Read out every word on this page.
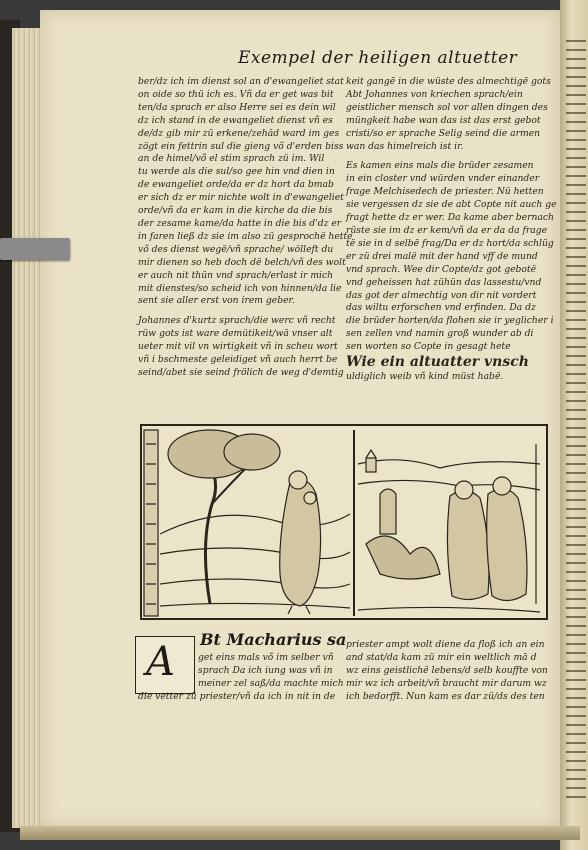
Exempel der heiligen altuetter

ber/dz ich im dienst sol an d'ewangeliet stat

on oide so thü ich es. Vñ da er get was bit

ten/da sprach er also Herre sei es dein wil

dz ich stand in de ewangeliet dienst vñ es

de/dz gib mir zü erkene/zehād ward im ges

zögt ein fettrin sul die gieng võ d'erden biss

an de himel/võ el stim sprach zü im. Wil

tu werde als die sul/so gee hin vnd dien in

de ewangeliet orde/da er dz hort da bmab

er sich dz er mir nichte wolt in d'ewangeliet

orde/vñ da er kam in die kirche da die bis

der zesame kame/da hatte in die bis d'dz er

in faren ließ dz sie im also zü gesprochë hette

võ des dienst wegë/vñ sprache/ wölleft du

mir dienen so heb doch dë belch/vñ des wolt

er auch nit thün vnd sprach/erlast ir mich

mit dienstes/so scheid ich von hinnen/da lie

sent sie aller erst von irem geber.

Johannes d'kurtz sprach/die werc vñ recht

rüw gots ist ware demütikeit/wā vnser alt

ueter mit vil vn wirtigkeit vñ in scheu wort

vñ i bschmeste geleidiget vñ auch herrt be

seind/abet sie seind frölich de weg d'demtig

keit gangë in die wüste des almechtigë gots

Abt Johannes von kriechen sprach/ein

geistlicher mensch sol vor allen dingen des

müngkeit habe wan das ist das erst gebot

cristi/so er sprache Selig seind die armen

wan das himelreich ist ir.

Es kamen eins mals die brüder zesamen

in ein closter vnd würden vnder einander

frage Melchisedech de priester. Nü hetten

sie vergessen dz sie de abt Copte nit auch ge

fragt hette dz er wer. Da kame aber bernach

rüste sie im dz er kem/vñ da er da da frage

të sie in d selbë frag/Da er dz hort/da schlüg

er zü drei malë mit der hand vff de mund

vnd sprach. Wee dir Copte/dz got gebotë

vnd geheissen hat zühün das lassestu/vnd

das got der almechtig von dir nit vordert

das wiltu erforschen vnd erfinden. Da dz

die brüder horten/da flohen sie ir yeglicher i

sen zellen vnd namin groß wunder ab di

sen worten so Copte in gesagt hete

Wie ein altuatter vnsch

uldiglich weib vñ kind müst habë.

A Bt Macharius sa

get eins mals võ im selber vñ

sprach Da ich iung was vñ in

meiner zel saß/da machte mich

die vetter zü priester/vñ da ich in nit in de

priester ampt wolt diene da floß ich an ein

and stat/da kam zü mir ein weltlich mā d

wz eins geistlichë lebens/d selb kouffte von

mir wz ich arbeit/vñ braucht mir darum wz

ich bedorfft. Nun kam es dar zü/ds des ten
